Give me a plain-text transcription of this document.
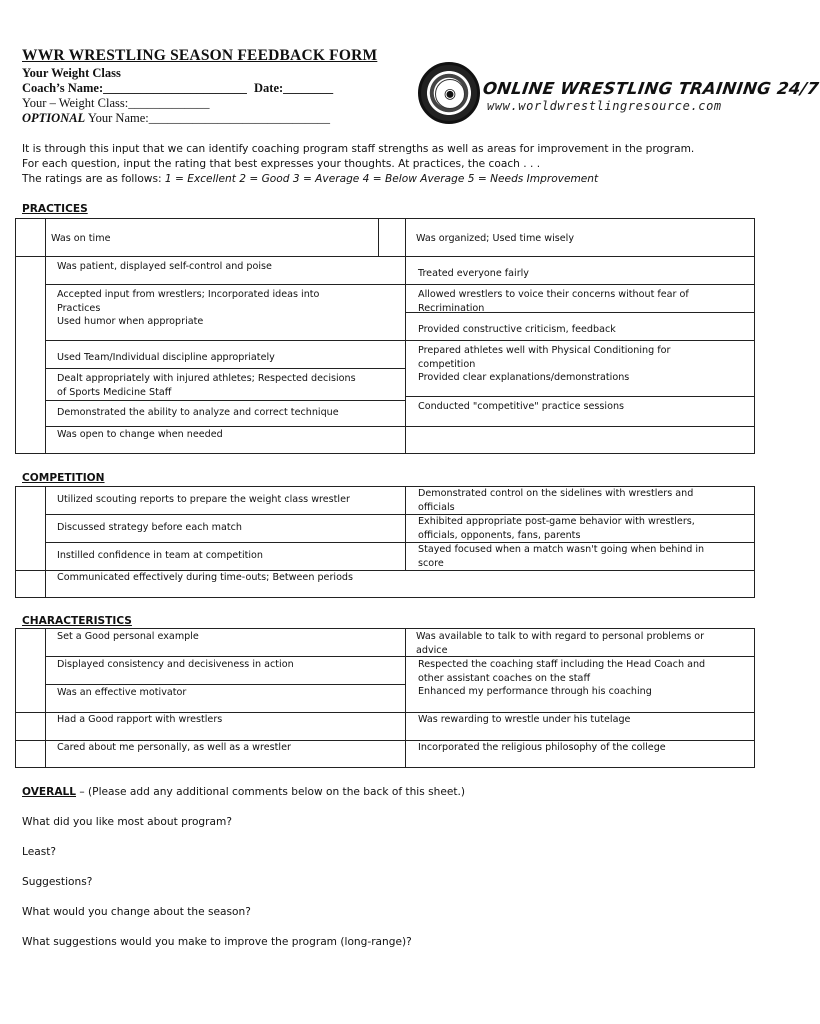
WWR WRESTLING SEASON FEEDBACK FORM
Your Weight Class
Coach’s Name:_______________________ Date:________
Your – Weight Class:_____________
OPTIONAL Your Name:_____________________________
◉	ONLINE WRESTLING TRAINING 24/7
www.worldwrestlingresource.com
It is through this input that we can identify coaching program staff strengths as well as areas for improvement in the program.
For each question, input the rating that best expresses your thoughts. At practices, the coach . . .
The ratings are as follows: 1 = Excellent 2 = Good 3 = Average 4 = Below Average 5 = Needs Improvement
PRACTICES
Was on time
Was patient, displayed self-control and poise
Accepted input from wrestlers; Incorporated ideas into
Practices
Used humor when appropriate
Used Team/Individual discipline appropriately
Dealt appropriately with injured athletes; Respected decisions
of Sports Medicine Staff
Demonstrated the ability to analyze and correct technique
Was open to change when needed
Was organized; Used time wisely
Treated everyone fairly
Allowed wrestlers to voice their concerns without fear of
Recrimination
Provided constructive criticism, feedback
Prepared athletes well with Physical Conditioning for
competition
Provided clear explanations/demonstrations
Conducted "competitive" practice sessions
COMPETITION
Utilized scouting reports to prepare the weight class wrestler
Discussed strategy before each match
Instilled confidence in team at competition
Communicated effectively during time-outs; Between periods
Demonstrated control on the sidelines with wrestlers and
officials
Exhibited appropriate post-game behavior with wrestlers,
officials, opponents, fans, parents
Stayed focused when a match wasn't going when behind in
score
CHARACTERISTICS
Set a Good personal example
Displayed consistency and decisiveness in action
Was an effective motivator
Had a Good rapport with wrestlers
Cared about me personally, as well as a wrestler
Was available to talk to with regard to personal problems or
advice
Respected the coaching staff including the Head Coach and
other assistant coaches on the staff
Enhanced my performance through his coaching
Was rewarding to wrestle under his tutelage
Incorporated the religious philosophy of the college
OVERALL – (Please add any additional comments below on the back of this sheet.)
What did you like most about program?
Least?
Suggestions?
What would you change about the season?
What suggestions would you make to improve the program (long-range)?
